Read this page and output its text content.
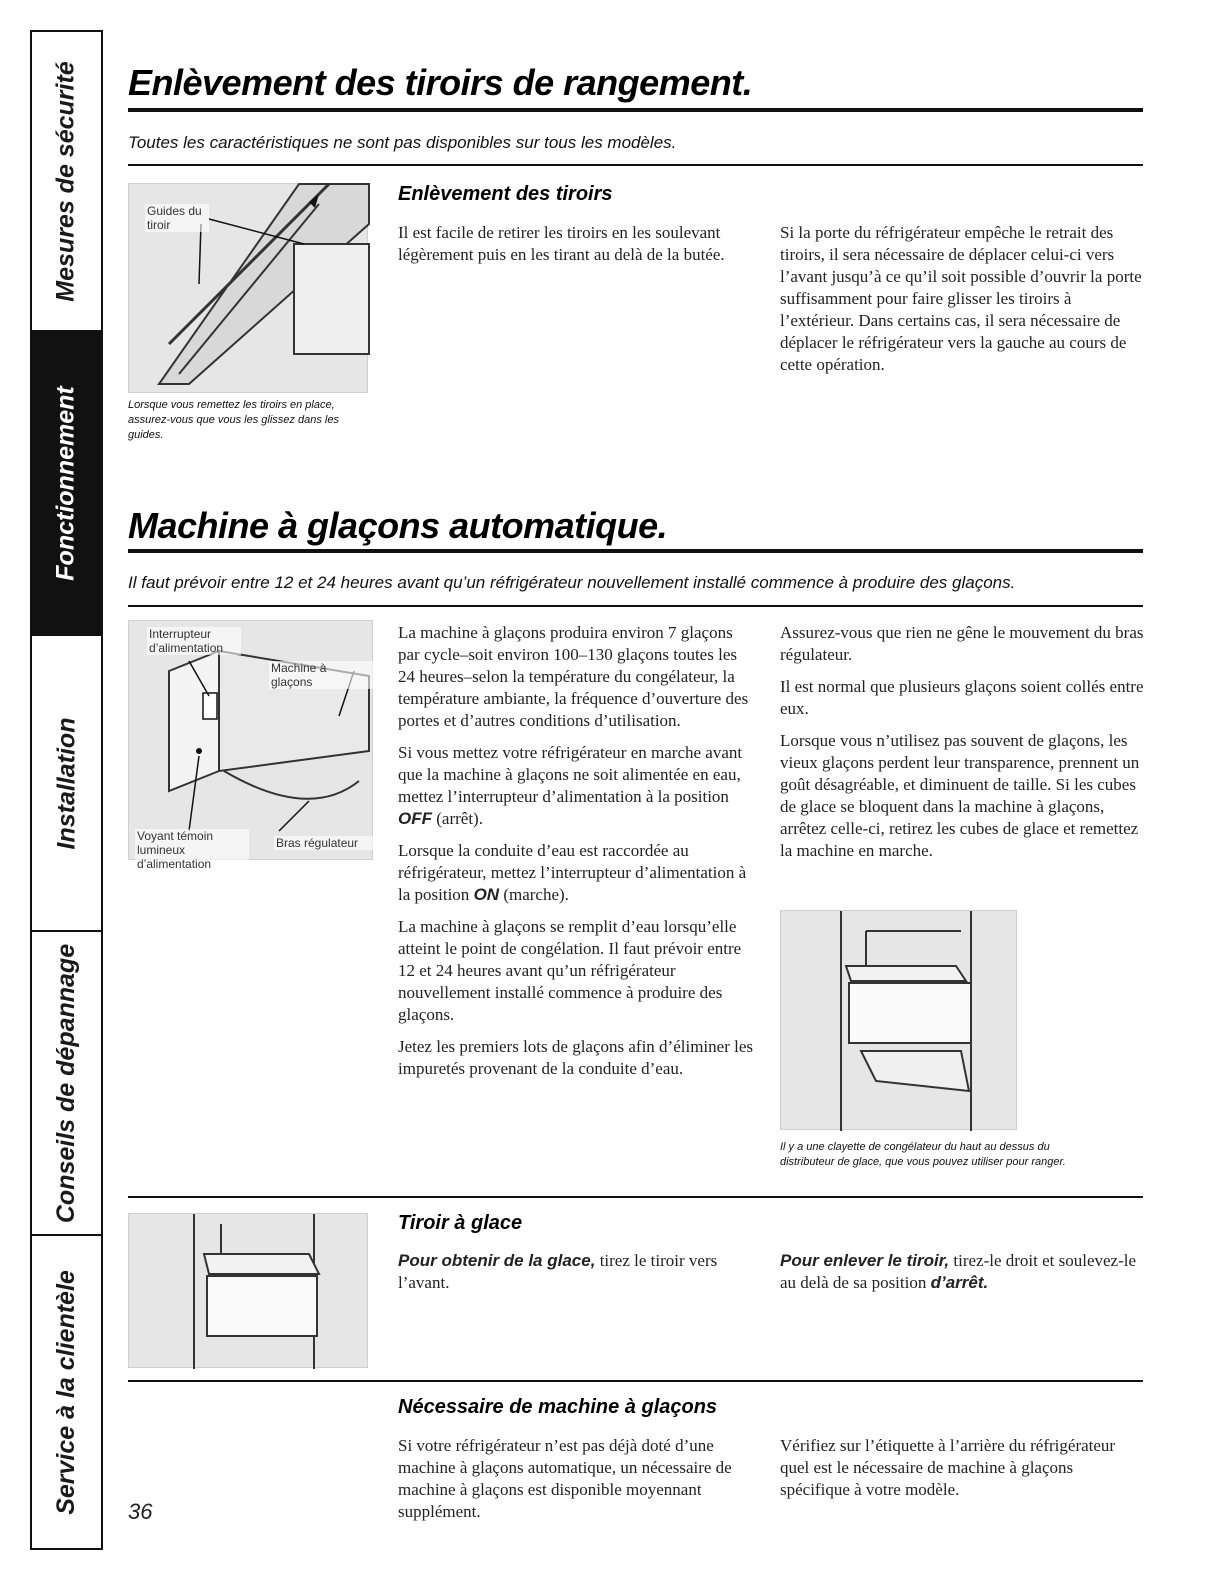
Mesures de sécurité
Fonctionnement
Installation
Conseils de dépannage
Service à la clientèle
Enlèvement des tiroirs de rangement.
Toutes les caractéristiques ne sont pas disponibles sur tous les modèles.
Guides du tiroir
Lorsque vous remettez les tiroirs en place, assurez-vous que vous les glissez dans les guides.
Enlèvement des tiroirs
Il est facile de retirer les tiroirs en les soulevant légèrement puis en les tirant au delà de la butée.
Si la porte du réfrigérateur empêche le retrait des tiroirs, il sera nécessaire de déplacer celui-ci vers l’avant jusqu’à ce qu’il soit possible d’ouvrir la porte suffisamment pour faire glisser les tiroirs à l’extérieur. Dans certains cas, il sera nécessaire de déplacer le réfrigérateur vers la gauche au cours de cette opération.
Machine à glaçons automatique.
Il faut prévoir entre 12 et 24 heures avant qu’un réfrigérateur nouvellement installé commence à produire des glaçons.
Interrupteur d’alimentation
Machine à glaçons
Voyant témoin lumineux d’alimentation
Bras régulateur

La machine à glaçons produira environ 7 glaçons par cycle–soit environ 100–130 glaçons toutes les 24 heures–selon la température du congélateur, la température ambiante, la fréquence d’ouverture des portes et d’autres conditions d’utilisation.

Si vous mettez votre réfrigérateur en marche avant que la machine à glaçons ne soit alimentée en eau, mettez l’interrupteur d’alimentation à la position OFF (arrêt).

Lorsque la conduite d’eau est raccordée au réfrigérateur, mettez l’interrupteur d’alimentation à la position ON (marche).

La machine à glaçons se remplit d’eau lorsqu’elle atteint le point de congélation. Il faut prévoir entre 12 et 24 heures avant qu’un réfrigérateur nouvellement installé commence à produire des glaçons.

Jetez les premiers lots de glaçons afin d’éliminer les impuretés provenant de la conduite d’eau.

Assurez-vous que rien ne gêne le mouvement du bras régulateur.

Il est normal que plusieurs glaçons soient collés entre eux.

Lorsque vous n’utilisez pas souvent de glaçons, les vieux glaçons perdent leur transparence, prennent un goût désagréable, et diminuent de taille. Si les cubes de glace se bloquent dans la machine à glaçons, arrêtez celle-ci, retirez les cubes de glace et remettez la machine en marche.

Il y a une clayette de congélateur du haut au dessus du distributeur de glace, que vous pouvez utiliser pour ranger.
Tiroir à glace
Pour obtenir de la glace, tirez le tiroir vers l’avant.
Pour enlever le tiroir, tirez-le droit et soulevez-le au delà de sa position d’arrêt.
Nécessaire de machine à glaçons
Si votre réfrigérateur n’est pas déjà doté d’une machine à glaçons automatique, un nécessaire de machine à glaçons est disponible moyennant supplément.
Vérifiez sur l’étiquette à l’arrière du réfrigérateur quel est le nécessaire de machine à glaçons spécifique à votre modèle.
36
